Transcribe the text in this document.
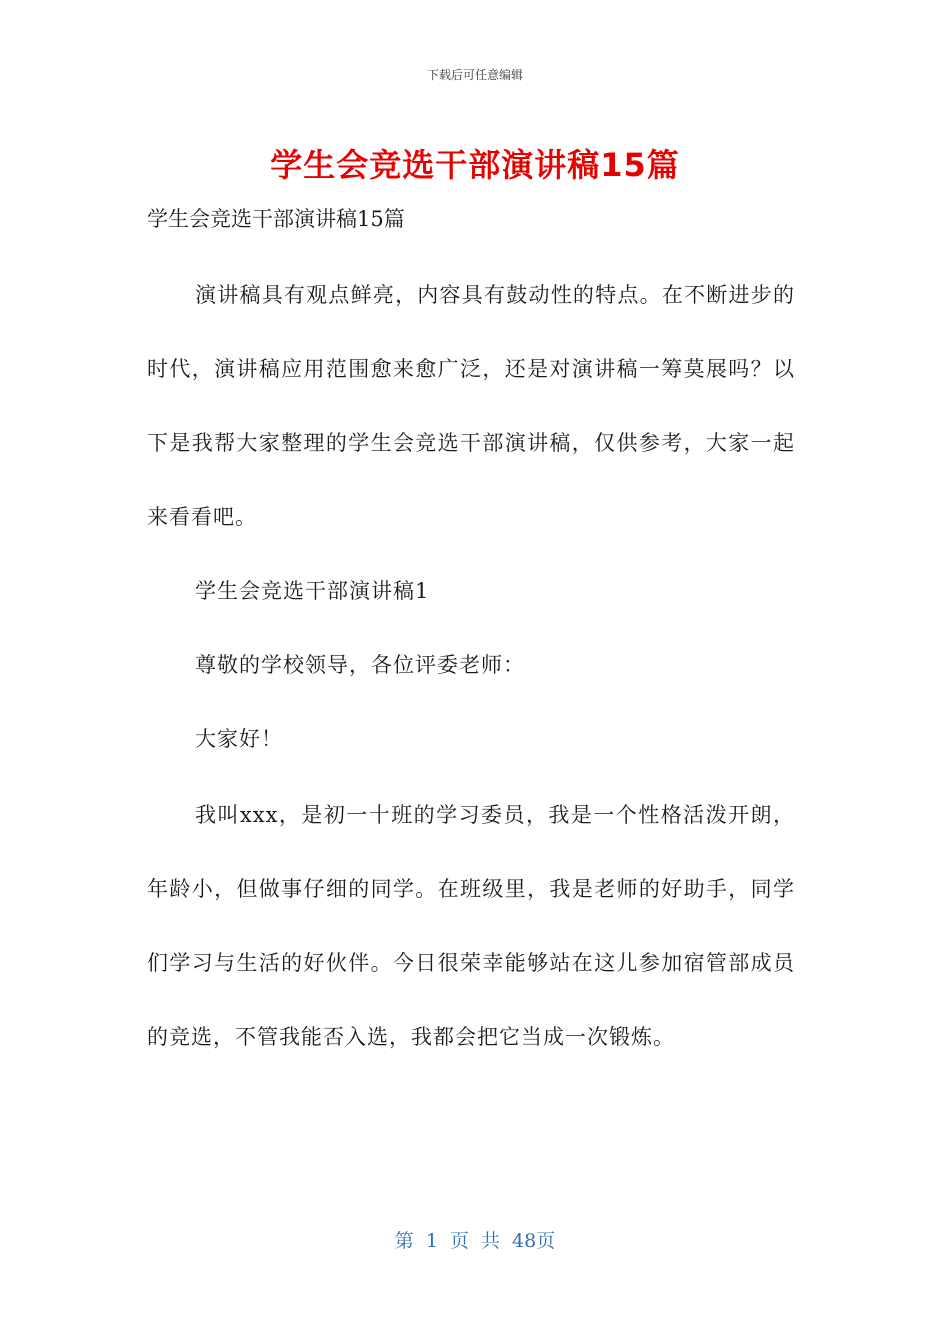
下载后可任意编辑
学生会竞选干部演讲稿15篇
学生会竞选干部演讲稿15篇
演讲稿具有观点鲜亮，内容具有鼓动性的特点。在不断进步的时代，演讲稿应用范围愈来愈广泛，还是对演讲稿一筹莫展吗？以下是我帮大家整理的学生会竞选干部演讲稿，仅供参考，大家一起来看看吧。
学生会竞选干部演讲稿1
尊敬的学校领导，各位评委老师：
大家好！
我叫xxx，是初一十班的学习委员，我是一个性格活泼开朗，年龄小，但做事仔细的同学。在班级里，我是老师的好助手，同学们学习与生活的好伙伴。今日很荣幸能够站在这儿参加宿管部成员的竞选，不管我能否入选，我都会把它当成一次锻炼。
第 1 页 共 48页
